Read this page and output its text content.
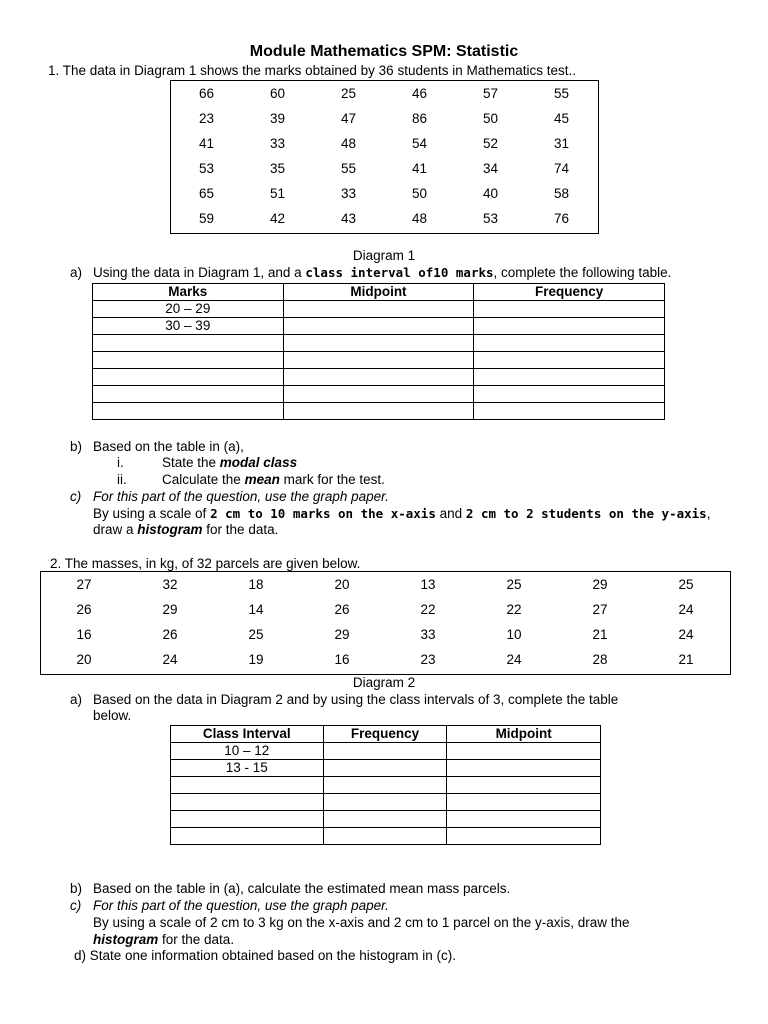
Module Mathematics SPM: Statistic
1. The data in Diagram 1 shows the marks obtained by 36 students in Mathematics test..
66	60	25	46	57	55
23	39	47	86	50	45
41	33	48	54	52	31
53	35	55	41	34	74
65	51	33	50	40	58
59	42	43	48	53	76
Diagram 1
a) Using the data in Diagram 1, and a class interval of10 marks, complete the following table.
Marks	Midpoint	Frequency
20 – 29		
30 – 39		

b) Based on the table in (a),
i.	State the modal class
ii.	Calculate the mean mark for the test.
c) For this part of the question, use the graph paper.
By using a scale of 2 cm to 10 marks on the x-axis and 2 cm to 2 students on the y-axis,
draw a histogram for the data.
2. The masses, in kg, of 32 parcels are given below.
27	32	18	20	13	25	29	25
26	29	14	26	22	22	27	24
16	26	25	29	33	10	21	24
20	24	19	16	23	24	28	21
Diagram 2
a) Based on the data in Diagram 2 and by using the class intervals of 3, complete the table
below.
Class Interval	Frequency	Midpoint
10 – 12		
13 - 15		

b) Based on the table in (a), calculate the estimated mean mass parcels.
c) For this part of the question, use the graph paper.
By using a scale of 2 cm to 3 kg on the x-axis and 2 cm to 1 parcel on the y-axis, draw the
histogram for the data.
d) State one information obtained based on the histogram in (c).
